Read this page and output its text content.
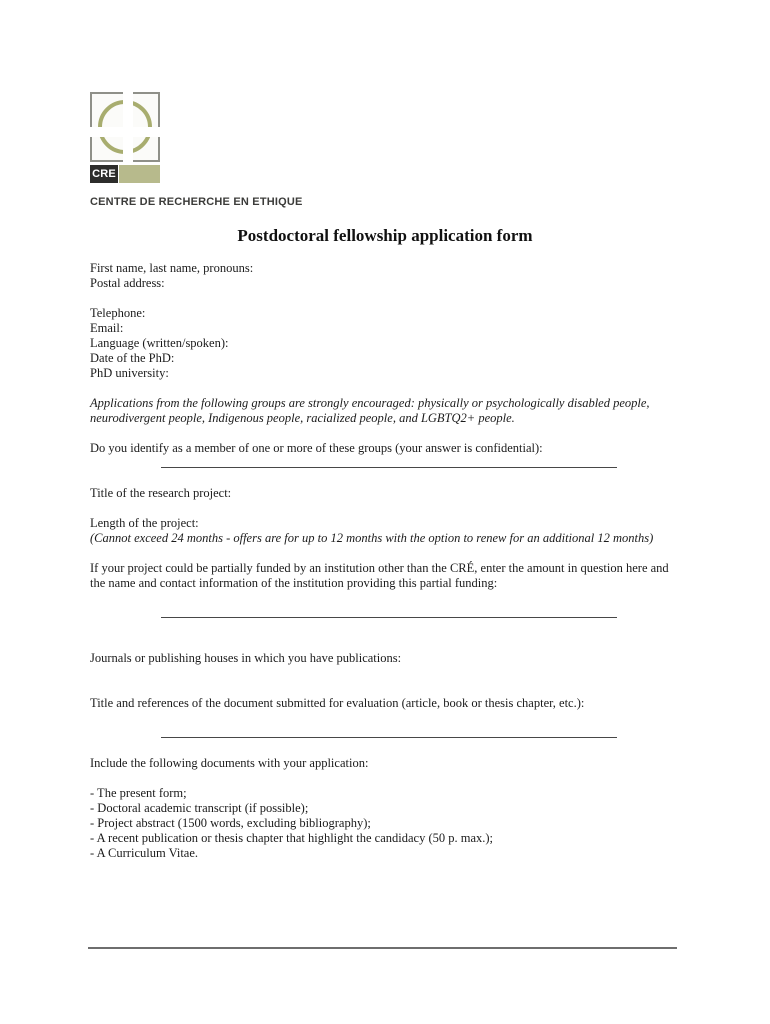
CRE
CENTRE DE RECHERCHE EN ETHIQUE
Postdoctoral fellowship application form
First name, last name, pronouns:
Postal address:
Telephone:
Email:
Language (written/spoken):
Date of the PhD:
PhD university:
Applications from the following groups are strongly encouraged: physically or psychologically disabled people,
neurodivergent people, Indigenous people, racialized people, and LGBTQ2+ people.
Do you identify as a member of one or more of these groups (your answer is confidential):
Title of the research project:
Length of the project:
(Cannot exceed 24 months - offers are for up to 12 months with the option to renew for an additional 12 months)
If your project could be partially funded by an institution other than the CRÉ, enter the amount in question here and
the name and contact information of the institution providing this partial funding:
Journals or publishing houses in which you have publications:
Title and references of the document submitted for evaluation (article, book or thesis chapter, etc.):
Include the following documents with your application:
- The present form;
- Doctoral academic transcript (if possible);
- Project abstract (1500 words, excluding bibliography);
- A recent publication or thesis chapter that highlight the candidacy (50 p. max.);
- A Curriculum Vitae.
